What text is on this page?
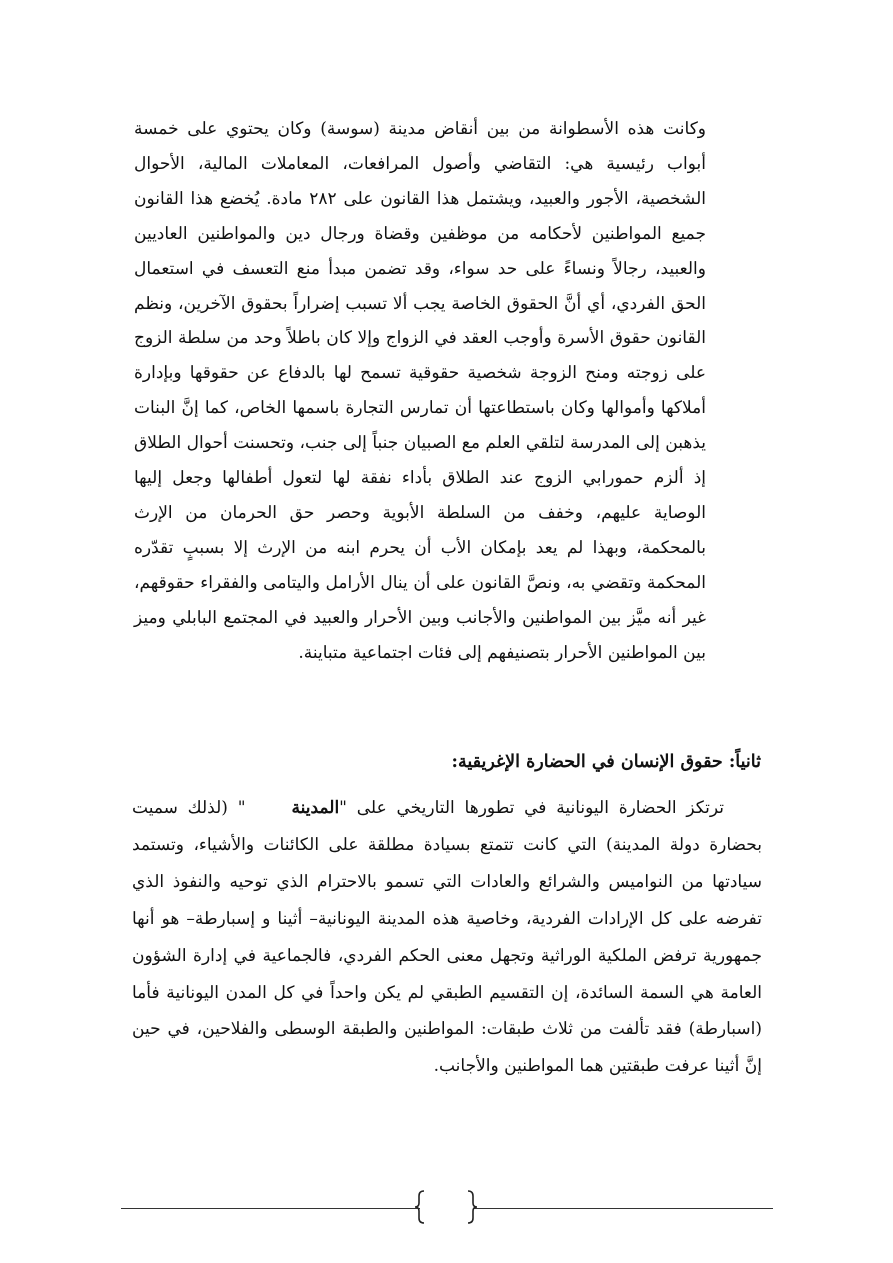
وكانت هذه الأسطوانة من بين أنقاض مدينة (سوسة) وكان يحتوي على خمسة أبواب رئيسية هي: التقاضي وأصول المرافعات، المعاملات المالية، الأحوال الشخصية، الأجور والعبيد، ويشتمل هذا القانون على ٢٨٢ مادة. يُخضع هذا القانون جميع المواطنين لأحكامه من موظفين وقضاة ورجال دين والمواطنين العاديين والعبيد، رجالاً ونساءً على حد سواء، وقد تضمن مبدأ منع التعسف في استعمال الحق الفردي، أي أنَّ الحقوق الخاصة يجب ألا تسبب إضراراً بحقوق الآخرين، ونظم القانون حقوق الأسرة وأوجب العقد في الزواج وإلا كان باطلاً وحد من سلطة الزوج على زوجته ومنح الزوجة شخصية حقوقية تسمح لها بالدفاع عن حقوقها وبإدارة أملاكها وأموالها وكان باستطاعتها أن تمارس التجارة باسمها الخاص، كما إنَّ البنات يذهبن إلى المدرسة لتلقي العلم مع الصبيان جنباً إلى جنب، وتحسنت أحوال الطلاق إذ ألزم حمورابي الزوج عند الطلاق بأداء نفقة لها لتعول أطفالها وجعل إليها الوصاية عليهم، وخفف من السلطة الأبوية وحصر حق الحرمان من الإرث بالمحكمة، وبهذا لم يعد بإمكان الأب أن يحرم ابنه من الإرث إلا بسببٍ تقدّره المحكمة وتقضي به، ونصَّ القانون على أن ينال الأرامل واليتامى والفقراء حقوقهم، غير أنه ميَّز بين المواطنين والأجانب وبين الأحرار والعبيد في المجتمع البابلي وميز بين المواطنين الأحرار بتصنيفهم إلى فئات اجتماعية متباينة.

ثانياً: حقوق الإنسان في الحضارة الإغريقية:

ترتكز الحضارة اليونانية في تطورها التاريخي على "المدينة" (لذلك سميت بحضارة دولة المدينة) التي كانت تتمتع بسيادة مطلقة على الكائنات والأشياء، وتستمد سيادتها من النواميس والشرائع والعادات التي تسمو بالاحترام الذي توحيه والنفوذ الذي تفرضه على كل الإرادات الفردية، وخاصية هذه المدينة اليونانية– أثينا و إسبارطة– هو أنها جمهورية ترفض الملكية الوراثية وتجهل معنى الحكم الفردي، فالجماعية في إدارة الشؤون العامة هي السمة السائدة، إن التقسيم الطبقي لم يكن واحداً في كل المدن اليونانية فأما (اسبارطة) فقد تألفت من ثلاث طبقات: المواطنين والطبقة الوسطى والفلاحين، في حين إنَّ أثينا عرفت طبقتين هما المواطنين والأجانب.
